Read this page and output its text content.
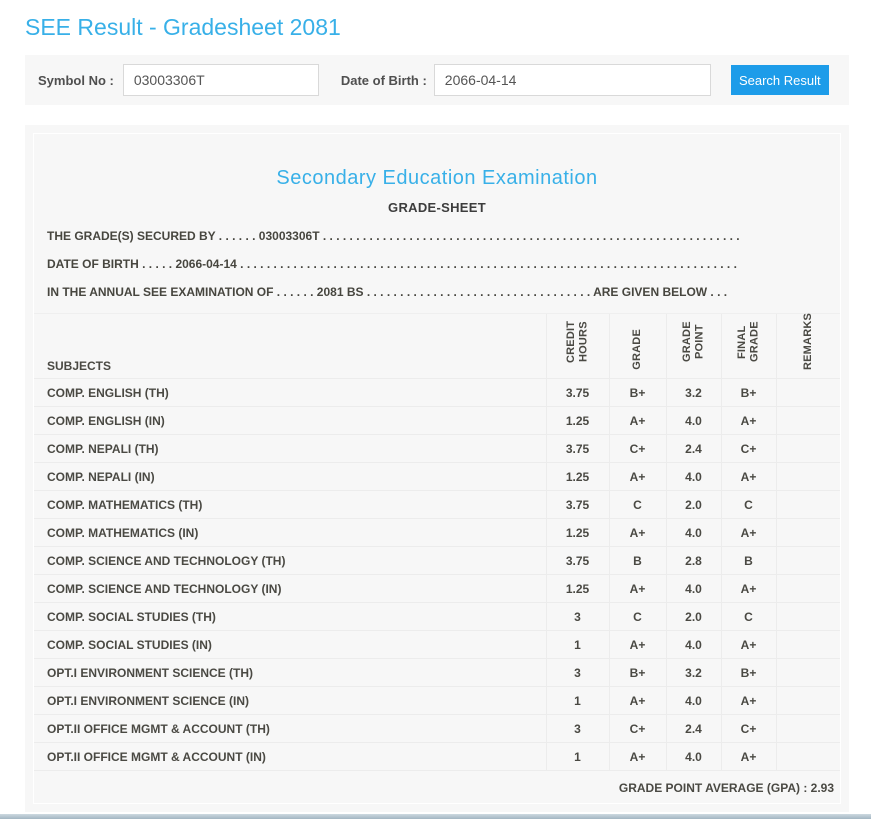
SEE Result - Gradesheet 2081
Symbol No :
03003306T	Date of Birth :
2066-04-14	Search Result
Secondary Education Examination
GRADE-SHEET
THE GRADE(S) SECURED BY . . . . . . 03003306T . . . . . . . . . . . . . . . . . . . . . . . . . . . . . . . . . . . . . . . . . . . . . . . . . . . . . . . . . . . . . . .
DATE OF BIRTH . . . . . 2066-04-14 . . . . . . . . . . . . . . . . . . . . . . . . . . . . . . . . . . . . . . . . . . . . . . . . . . . . . . . . . . . . . . . . . . . . . . . . . . .
IN THE ANNUAL SEE EXAMINATION OF . . . . . . 2081 BS . . . . . . . . . . . . . . . . . . . . . . . . . . . . . . . . . . ARE GIVEN BELOW . . .
SUBJECTS	CREDIT HOURS	GRADE	GRADE POINT	FINAL GRADE	REMARKS
COMP. ENGLISH (TH)	3.75	B+	3.2	B+	
COMP. ENGLISH (IN)	1.25	A+	4.0	A+	
COMP. NEPALI (TH)	3.75	C+	2.4	C+	
COMP. NEPALI (IN)	1.25	A+	4.0	A+	
COMP. MATHEMATICS (TH)	3.75	C	2.0	C	
COMP. MATHEMATICS (IN)	1.25	A+	4.0	A+	
COMP. SCIENCE AND TECHNOLOGY (TH)	3.75	B	2.8	B	
COMP. SCIENCE AND TECHNOLOGY (IN)	1.25	A+	4.0	A+	
COMP. SOCIAL STUDIES (TH)	3	C	2.0	C	
COMP. SOCIAL STUDIES (IN)	1	A+	4.0	A+	
OPT.I ENVIRONMENT SCIENCE (TH)	3	B+	3.2	B+	
OPT.I ENVIRONMENT SCIENCE (IN)	1	A+	4.0	A+	
OPT.II OFFICE MGMT & ACCOUNT (TH)	3	C+	2.4	C+	
OPT.II OFFICE MGMT & ACCOUNT (IN)	1	A+	4.0	A+	
GRADE POINT AVERAGE (GPA) : 2.93					
